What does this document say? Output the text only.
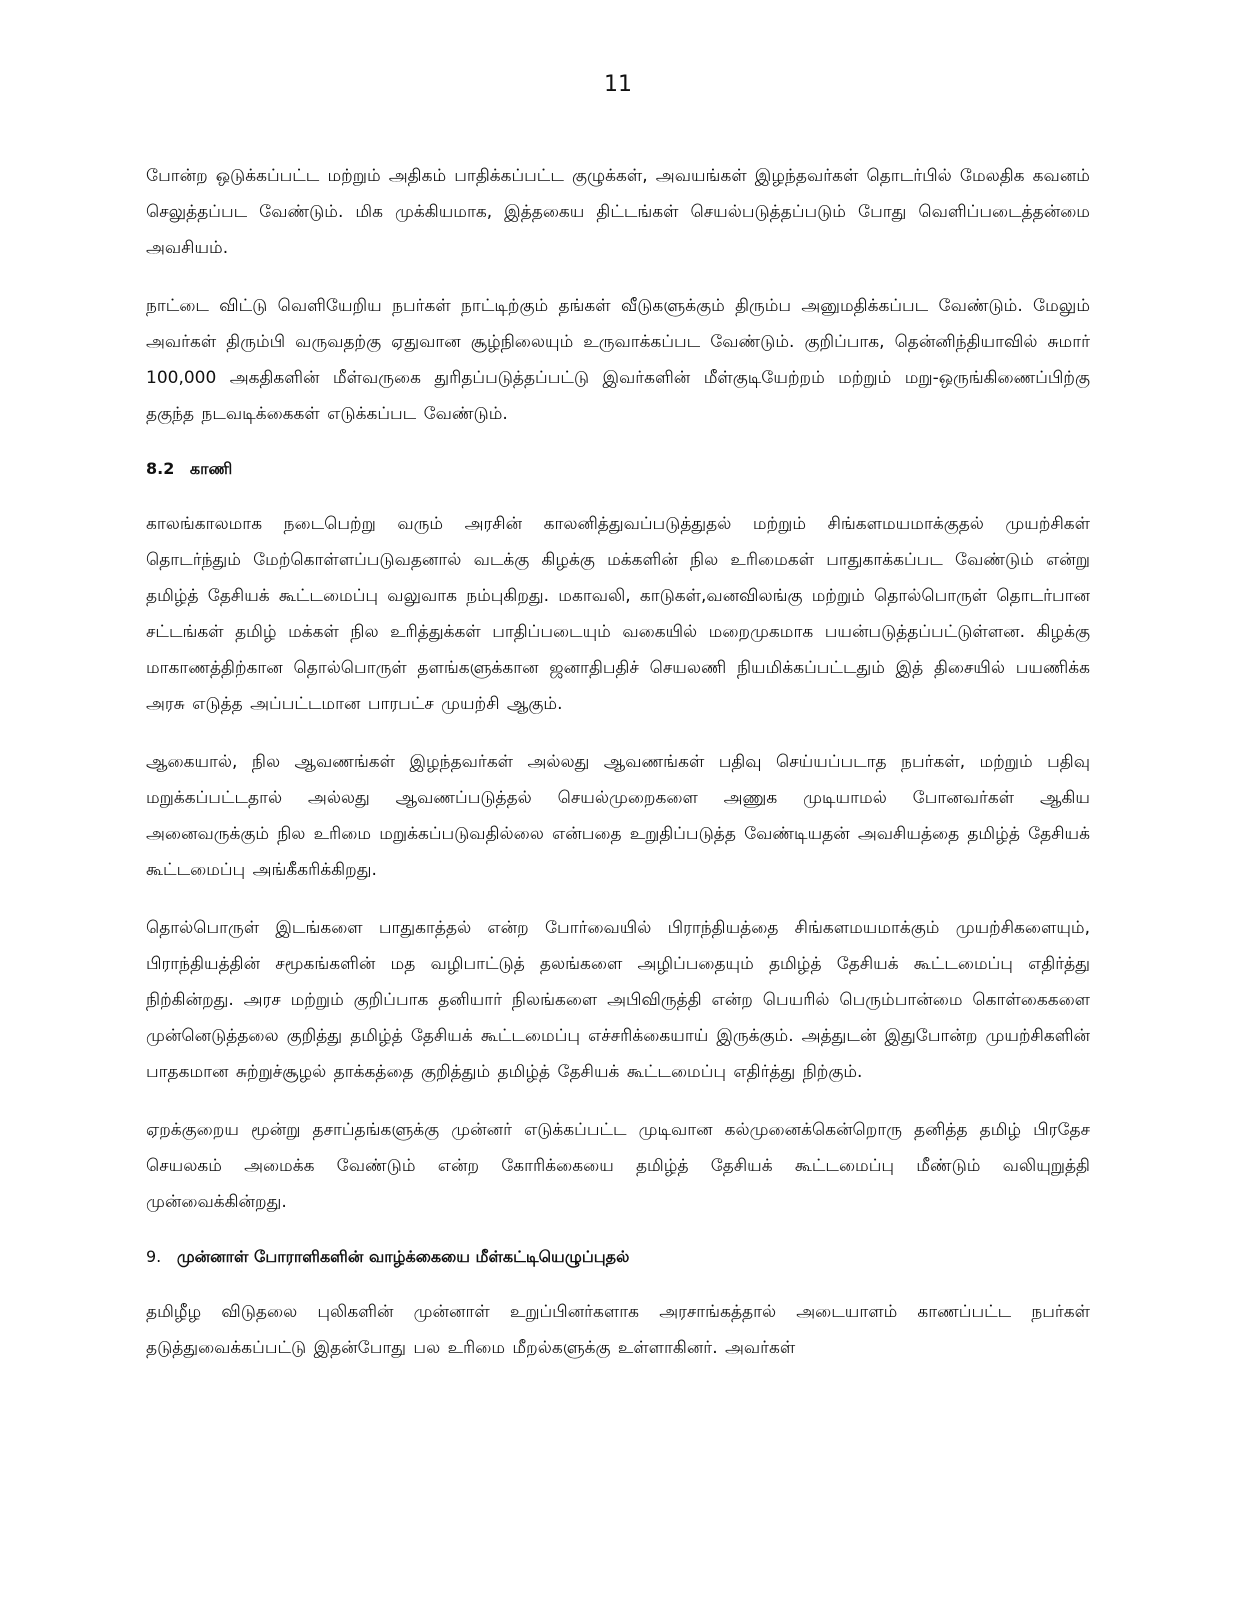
11

போன்ற ஒடுக்கப்பட்ட மற்றும் அதிகம் பாதிக்கப்பட்ட குழுக்கள், அவயங்கள் இழந்தவர்கள் தொடர்பில் மேலதிக கவனம் செலுத்தப்பட வேண்டும். மிக முக்கியமாக, இத்தகைய திட்டங்கள் செயல்படுத்தப்படும் போது வெளிப்படைத்தன்மை அவசியம்.

நாட்டை விட்டு வெளியேறிய நபர்கள் நாட்டிற்கும் தங்கள் வீடுகளுக்கும் திரும்ப அனுமதிக்கப்பட வேண்டும். மேலும் அவர்கள் திரும்பி வருவதற்கு ஏதுவான சூழ்நிலையும் உருவாக்கப்பட வேண்டும். குறிப்பாக, தென்னிந்தியாவில் சுமார் 100,000 அகதிகளின் மீள்வருகை துரிதப்படுத்தப்பட்டு இவர்களின் மீள்குடியேற்றம் மற்றும் மறு-ஒருங்கிணைப்பிற்கு தகுந்த நடவடிக்கைகள் எடுக்கப்பட வேண்டும்.

8.2 காணி

காலங்காலமாக நடைபெற்று வரும் அரசின் காலனித்துவப்படுத்துதல் மற்றும் சிங்களமயமாக்குதல் முயற்சிகள் தொடர்ந்தும் மேற்கொள்ளப்படுவதனால் வடக்கு கிழக்கு மக்களின் நில உரிமைகள் பாதுகாக்கப்பட வேண்டும் என்று தமிழ்த் தேசியக் கூட்டமைப்பு வலுவாக நம்புகிறது. மகாவலி, காடுகள்,வனவிலங்கு மற்றும் தொல்பொருள் தொடர்பான சட்டங்கள் தமிழ் மக்கள் நில உரித்துக்கள் பாதிப்படையும் வகையில் மறைமுகமாக பயன்படுத்தப்பட்டுள்ளன. கிழக்கு மாகாணத்திற்கான தொல்பொருள் தளங்களுக்கான ஜனாதிபதிச் செயலணி நியமிக்கப்பட்டதும் இத் திசையில் பயணிக்க அரசு எடுத்த அப்பட்டமான பாரபட்ச முயற்சி ஆகும்.

ஆகையால், நில ஆவணங்கள் இழந்தவர்கள் அல்லது ஆவணங்கள் பதிவு செய்யப்படாத நபர்கள், மற்றும் பதிவு மறுக்கப்பட்டதால் அல்லது ஆவணப்படுத்தல் செயல்முறைகளை அணுக முடியாமல் போனவர்கள் ஆகிய அனைவருக்கும் நில உரிமை மறுக்கப்படுவதில்லை என்பதை உறுதிப்படுத்த வேண்டியதன் அவசியத்தை தமிழ்த் தேசியக் கூட்டமைப்பு அங்கீகரிக்கிறது.

தொல்பொருள் இடங்களை பாதுகாத்தல் என்ற போர்வையில் பிராந்தியத்தை சிங்களமயமாக்கும் முயற்சிகளையும், பிராந்தியத்தின் சமூகங்களின் மத வழிபாட்டுத் தலங்களை அழிப்பதையும் தமிழ்த் தேசியக் கூட்டமைப்பு எதிர்த்து நிற்கின்றது. அரச மற்றும் குறிப்பாக தனியார் நிலங்களை அபிவிருத்தி என்ற பெயரில் பெரும்பான்மை கொள்கைகளை முன்னெடுத்தலை குறித்து தமிழ்த் தேசியக் கூட்டமைப்பு எச்சரிக்கையாய் இருக்கும். அத்துடன் இதுபோன்ற முயற்சிகளின் பாதகமான சுற்றுச்சூழல் தாக்கத்தை குறித்தும் தமிழ்த் தேசியக் கூட்டமைப்பு எதிர்த்து நிற்கும்.

ஏறக்குறைய மூன்று தசாப்தங்களுக்கு முன்னர் எடுக்கப்பட்ட முடிவான கல்முனைக்கென்றொரு தனித்த தமிழ் பிரதேச செயலகம் அமைக்க வேண்டும் என்ற கோரிக்கையை தமிழ்த் தேசியக் கூட்டமைப்பு மீண்டும் வலியுறுத்தி முன்வைக்கின்றது.

9. முன்னாள் போராளிகளின் வாழ்க்கையை மீள்கட்டியெழுப்புதல்

தமிழீழ விடுதலை புலிகளின் முன்னாள் உறுப்பினர்களாக அரசாங்கத்தால் அடையாளம் காணப்பட்ட நபர்கள் தடுத்துவைக்கப்பட்டு இதன்போது பல உரிமை மீறல்களுக்கு உள்ளாகினர். அவர்கள்
